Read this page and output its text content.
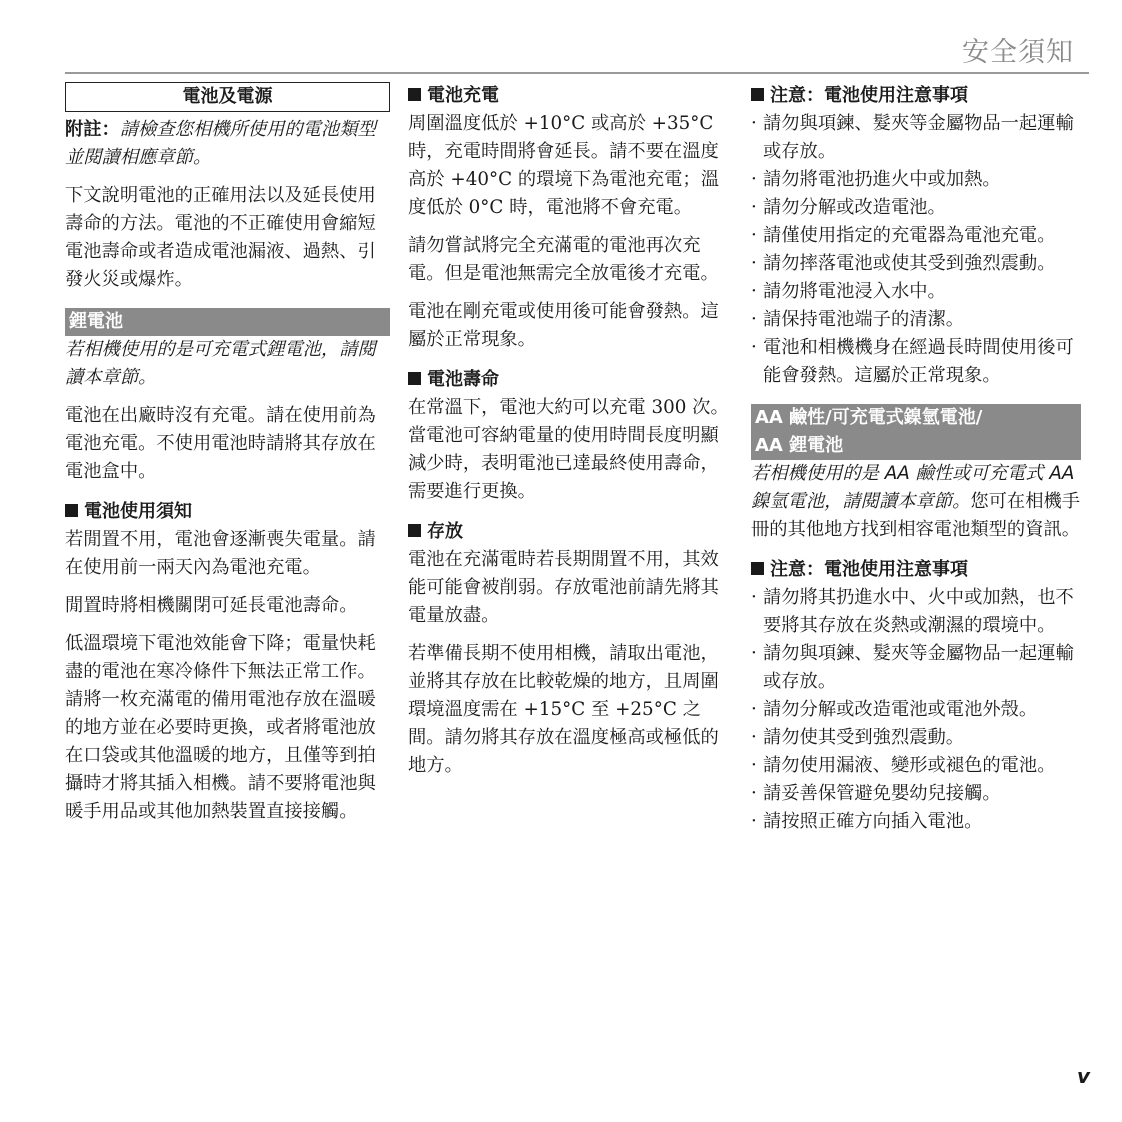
安全須知
電池及電源

附註：請檢查您相機所使用的電池類型並閱讀相應章節。

下文說明電池的正確用法以及延長使用壽命的方法。電池的不正確使用會縮短電池壽命或者造成電池漏液、過熱、引發火災或爆炸。

鋰電池

若相機使用的是可充電式鋰電池，請閱讀本章節。

電池在出廠時沒有充電。請在使用前為電池充電。不使用電池時請將其存放在電池盒中。

電池使用須知

若閒置不用，電池會逐漸喪失電量。請在使用前一兩天內為電池充電。

閒置時將相機關閉可延長電池壽命。

低溫環境下電池效能會下降；電量快耗盡的電池在寒冷條件下無法正常工作。請將一枚充滿電的備用電池存放在溫暖的地方並在必要時更換，或者將電池放在口袋或其他溫暖的地方，且僅等到拍攝時才將其插入相機。請不要將電池與暖手用品或其他加熱裝置直接接觸。

電池充電

周圍溫度低於 +10°C 或高於 +35°C 時，充電時間將會延長。請不要在溫度高於 +40°C 的環境下為電池充電；溫度低於 0°C 時，電池將不會充電。

請勿嘗試將完全充滿電的電池再次充電。但是電池無需完全放電後才充電。

電池在剛充電或使用後可能會發熱。這屬於正常現象。

電池壽命

在常溫下，電池大約可以充電 300 次。當電池可容納電量的使用時間長度明顯減少時，表明電池已達最終使用壽命，需要進行更換。

存放

電池在充滿電時若長期閒置不用，其效能可能會被削弱。存放電池前請先將其電量放盡。

若準備長期不使用相機，請取出電池，並將其存放在比較乾燥的地方，且周圍環境溫度需在 +15°C 至 +25°C 之間。請勿將其存放在溫度極高或極低的地方。

注意：電池使用注意事項
· 請勿與項鍊、髮夾等金屬物品一起運輸或存放。
· 請勿將電池扔進火中或加熱。
· 請勿分解或改造電池。
· 請僅使用指定的充電器為電池充電。
· 請勿摔落電池或使其受到強烈震動。
· 請勿將電池浸入水中。
· 請保持電池端子的清潔。
· 電池和相機機身在經過長時間使用後可能會發熱。這屬於正常現象。
AA 鹼性/可充電式鎳氫電池/
AA 鋰電池

若相機使用的是 AA 鹼性或可充電式 AA 鎳氫電池，請閱讀本章節。您可在相機手冊的其他地方找到相容電池類型的資訊。

注意：電池使用注意事項
· 請勿將其扔進水中、火中或加熱，也不要將其存放在炎熱或潮濕的環境中。
· 請勿與項鍊、髮夾等金屬物品一起運輸或存放。
· 請勿分解或改造電池或電池外殼。
· 請勿使其受到強烈震動。
· 請勿使用漏液、變形或褪色的電池。
· 請妥善保管避免嬰幼兒接觸。
· 請按照正確方向插入電池。
v
